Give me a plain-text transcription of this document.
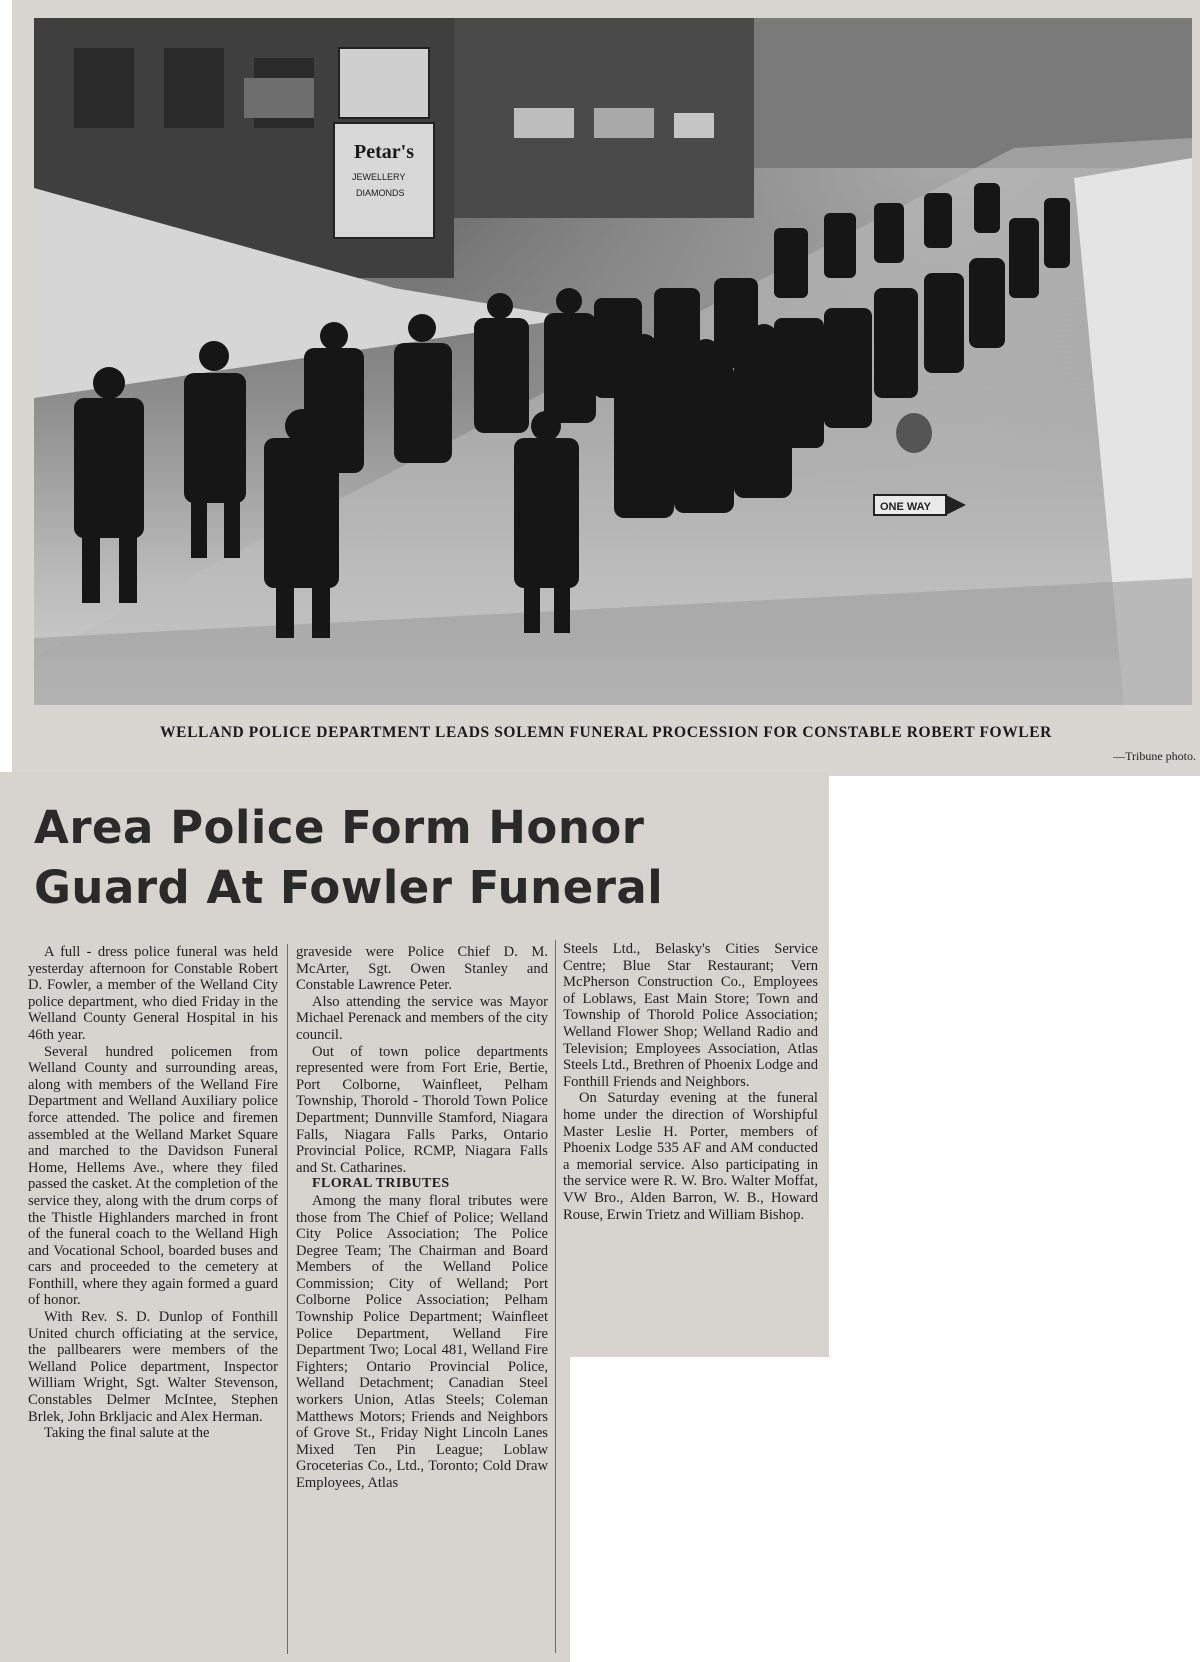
Petar's
JEWELLERY
DIAMONDS
ONE WAY
WELLAND POLICE DEPARTMENT LEADS SOLEMN FUNERAL PROCESSION FOR CONSTABLE ROBERT FOWLER
—Tribune photo.
Area Police Form Honor
Guard At Fowler Funeral

A full - dress police funeral was held yesterday afternoon for Constable Robert D. Fowler, a member of the Welland City police department, who died Friday in the Welland County General Hospital in his 46th year.

Several hundred policemen from Welland County and surrounding areas, along with members of the Welland Fire Department and Welland Auxiliary police force attended. The police and firemen assembled at the Welland Market Square and marched to the Davidson Funeral Home, Hellems Ave., where they filed passed the casket. At the completion of the service they, along with the drum corps of the Thistle Highlanders marched in front of the funeral coach to the Welland High and Vocational School, boarded buses and cars and proceeded to the cemetery at Fonthill, where they again formed a guard of honor.

With Rev. S. D. Dunlop of Fonthill United church officiating at the service, the pallbearers were members of the Welland Police department, Inspector William Wright, Sgt. Walter Stevenson, Constables Delmer McIntee, Stephen Brlek, John Brkljacic and Alex Herman.

Taking the final salute at the

graveside were Police Chief D. M. McArter, Sgt. Owen Stanley and Constable Lawrence Peter.

Also attending the service was Mayor Michael Perenack and members of the city council.

Out of town police departments represented were from Fort Erie, Bertie, Port Colborne, Wainfleet, Pelham Township, Thorold - Thorold Town Police Department; Dunnville Stamford, Niagara Falls, Niagara Falls Parks, Ontario Provincial Police, RCMP, Niagara Falls and St. Catharines.

FLORAL TRIBUTES

Among the many floral tributes were those from The Chief of Police; Welland City Police Association; The Police Degree Team; The Chairman and Board Members of the Welland Police Commission; City of Welland; Port Colborne Police Association; Pelham Township Police Department; Wainfleet Police Department, Welland Fire Department Two; Local 481, Welland Fire Fighters; Ontario Provincial Police, Welland Detachment; Canadian Steel workers Union, Atlas Steels; Coleman Matthews Motors; Friends and Neighbors of Grove St., Friday Night Lincoln Lanes Mixed Ten Pin League; Loblaw Groceterias Co., Ltd., Toronto; Cold Draw Employees, Atlas

Steels Ltd., Belasky's Cities Service Centre; Blue Star Restaurant; Vern McPherson Construction Co., Employees of Loblaws, East Main Store; Town and Township of Thorold Police Association; Welland Flower Shop; Welland Radio and Television; Employees Association, Atlas Steels Ltd., Brethren of Phoenix Lodge and Fonthill Friends and Neighbors.

On Saturday evening at the funeral home under the direction of Worshipful Master Leslie H. Porter, members of Phoenix Lodge 535 AF and AM conducted a memorial service. Also participating in the service were R. W. Bro. Walter Moffat, VW Bro., Alden Barron, W. B., Howard Rouse, Erwin Trietz and William Bishop.
